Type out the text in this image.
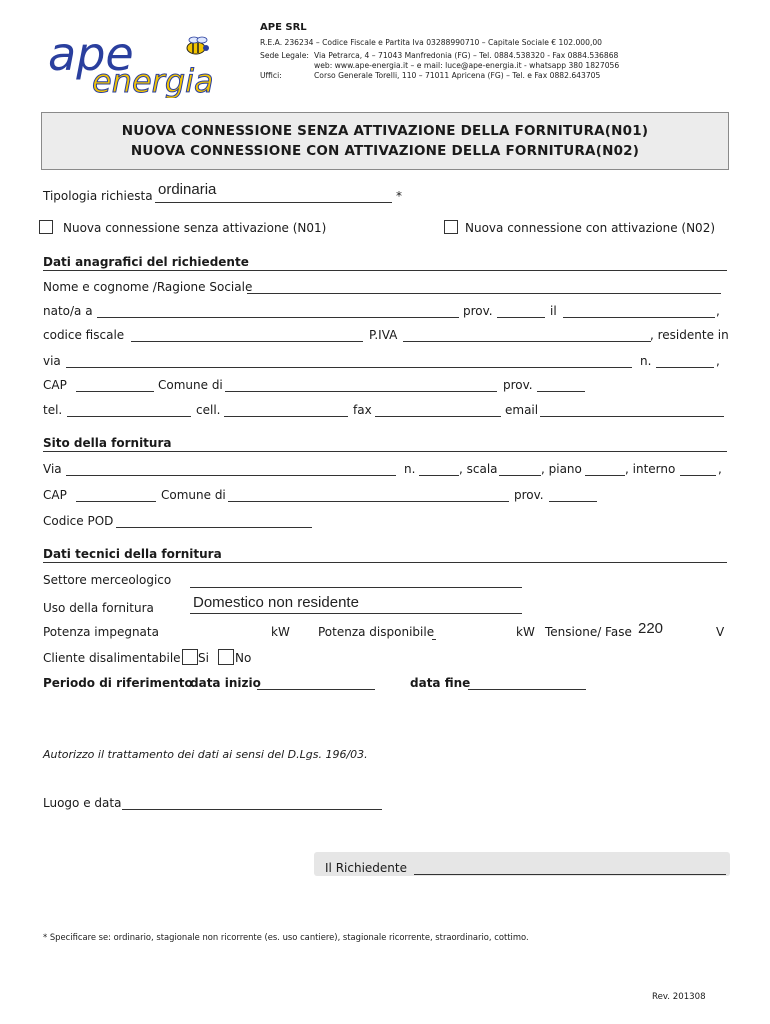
ape
energia
APE SRL
R.E.A. 236234 – Codice Fiscale e Partita Iva 03288990710 – Capitale Sociale € 102.000,00
Sede Legale: Via Petrarca, 4 – 71043 Manfredonia (FG) – Tel. 0884.538320 - Fax 0884.536868
web: www.ape-energia.it – e mail: luce@ape-energia.it - whatsapp 380 1827056
Uffici:	Corso Generale Torelli, 110 – 71011 Apricena (FG) – Tel. e Fax 0882.643705
NUOVA CONNESSIONE SENZA ATTIVAZIONE DELLA FORNITURA(N01)
NUOVA CONNESSIONE CON ATTIVAZIONE DELLA FORNITURA(N02)
Tipologia richiesta ordinaria	*
Nuova connessione senza attivazione (N01)	Nuova connessione con attivazione (N02)
Dati anagrafici del richiedente
Nome e cognome /Ragione Sociale
nato/a a	prov.	il	,
codice fiscale	P.IVA	, residente in
via	n.	,
CAP	Comune di	prov.
tel.	cell.	fax	email
Sito della fornitura
Via	n.	, scala	, piano	, interno	,
CAP	Comune di	prov.
Codice POD
Dati tecnici della fornitura
Settore merceologico
Uso della fornitura	Domestico non residente
Potenza impegnata	kW Potenza disponibile	kW Tensione/ Fase 220	V
Cliente disalimentabile Si No
Periodo di riferimento
data inizio	data fine
Autorizzo il trattamento dei dati ai sensi del D.Lgs. 196/03.
Luogo e data
Il Richiedente
* Specificare se: ordinario, stagionale non ricorrente (es. uso cantiere), stagionale ricorrente, straordinario, cottimo.
Rev. 201308
